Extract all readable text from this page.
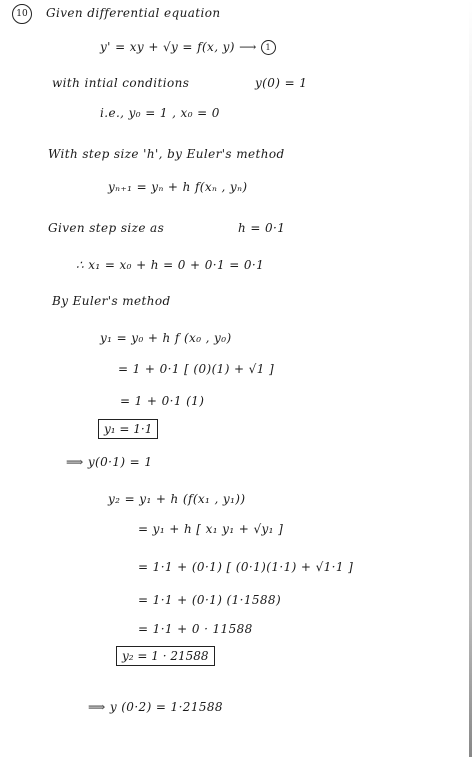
10	Given differential equation
y' = xy + √y = f(x, y) ⟶ 1
with intial conditions	y(0) = 1
i.e., y₀ = 1 , x₀ = 0
With step size 'h', by Euler's method
yₙ₊₁ = yₙ + h f(xₙ , yₙ)
Given step size as	h = 0·1
∴ x₁ = x₀ + h = 0 + 0·1 = 0·1
By Euler's method
y₁ = y₀ + h f (x₀ , y₀)
= 1 + 0·1 [ (0)(1) + √1 ]
= 1 + 0·1 (1)
y₁ = 1·1
⟹ y(0·1) = 1
y₂ = y₁ + h (f(x₁ , y₁))
= y₁ + h [ x₁ y₁ + √y₁ ]
= 1·1 + (0·1) [ (0·1)(1·1) + √1·1 ]
= 1·1 + (0·1) (1·1588)
= 1·1 + 0 · 11588
y₂ = 1 · 21588
⟹ y (0·2) = 1·21588
